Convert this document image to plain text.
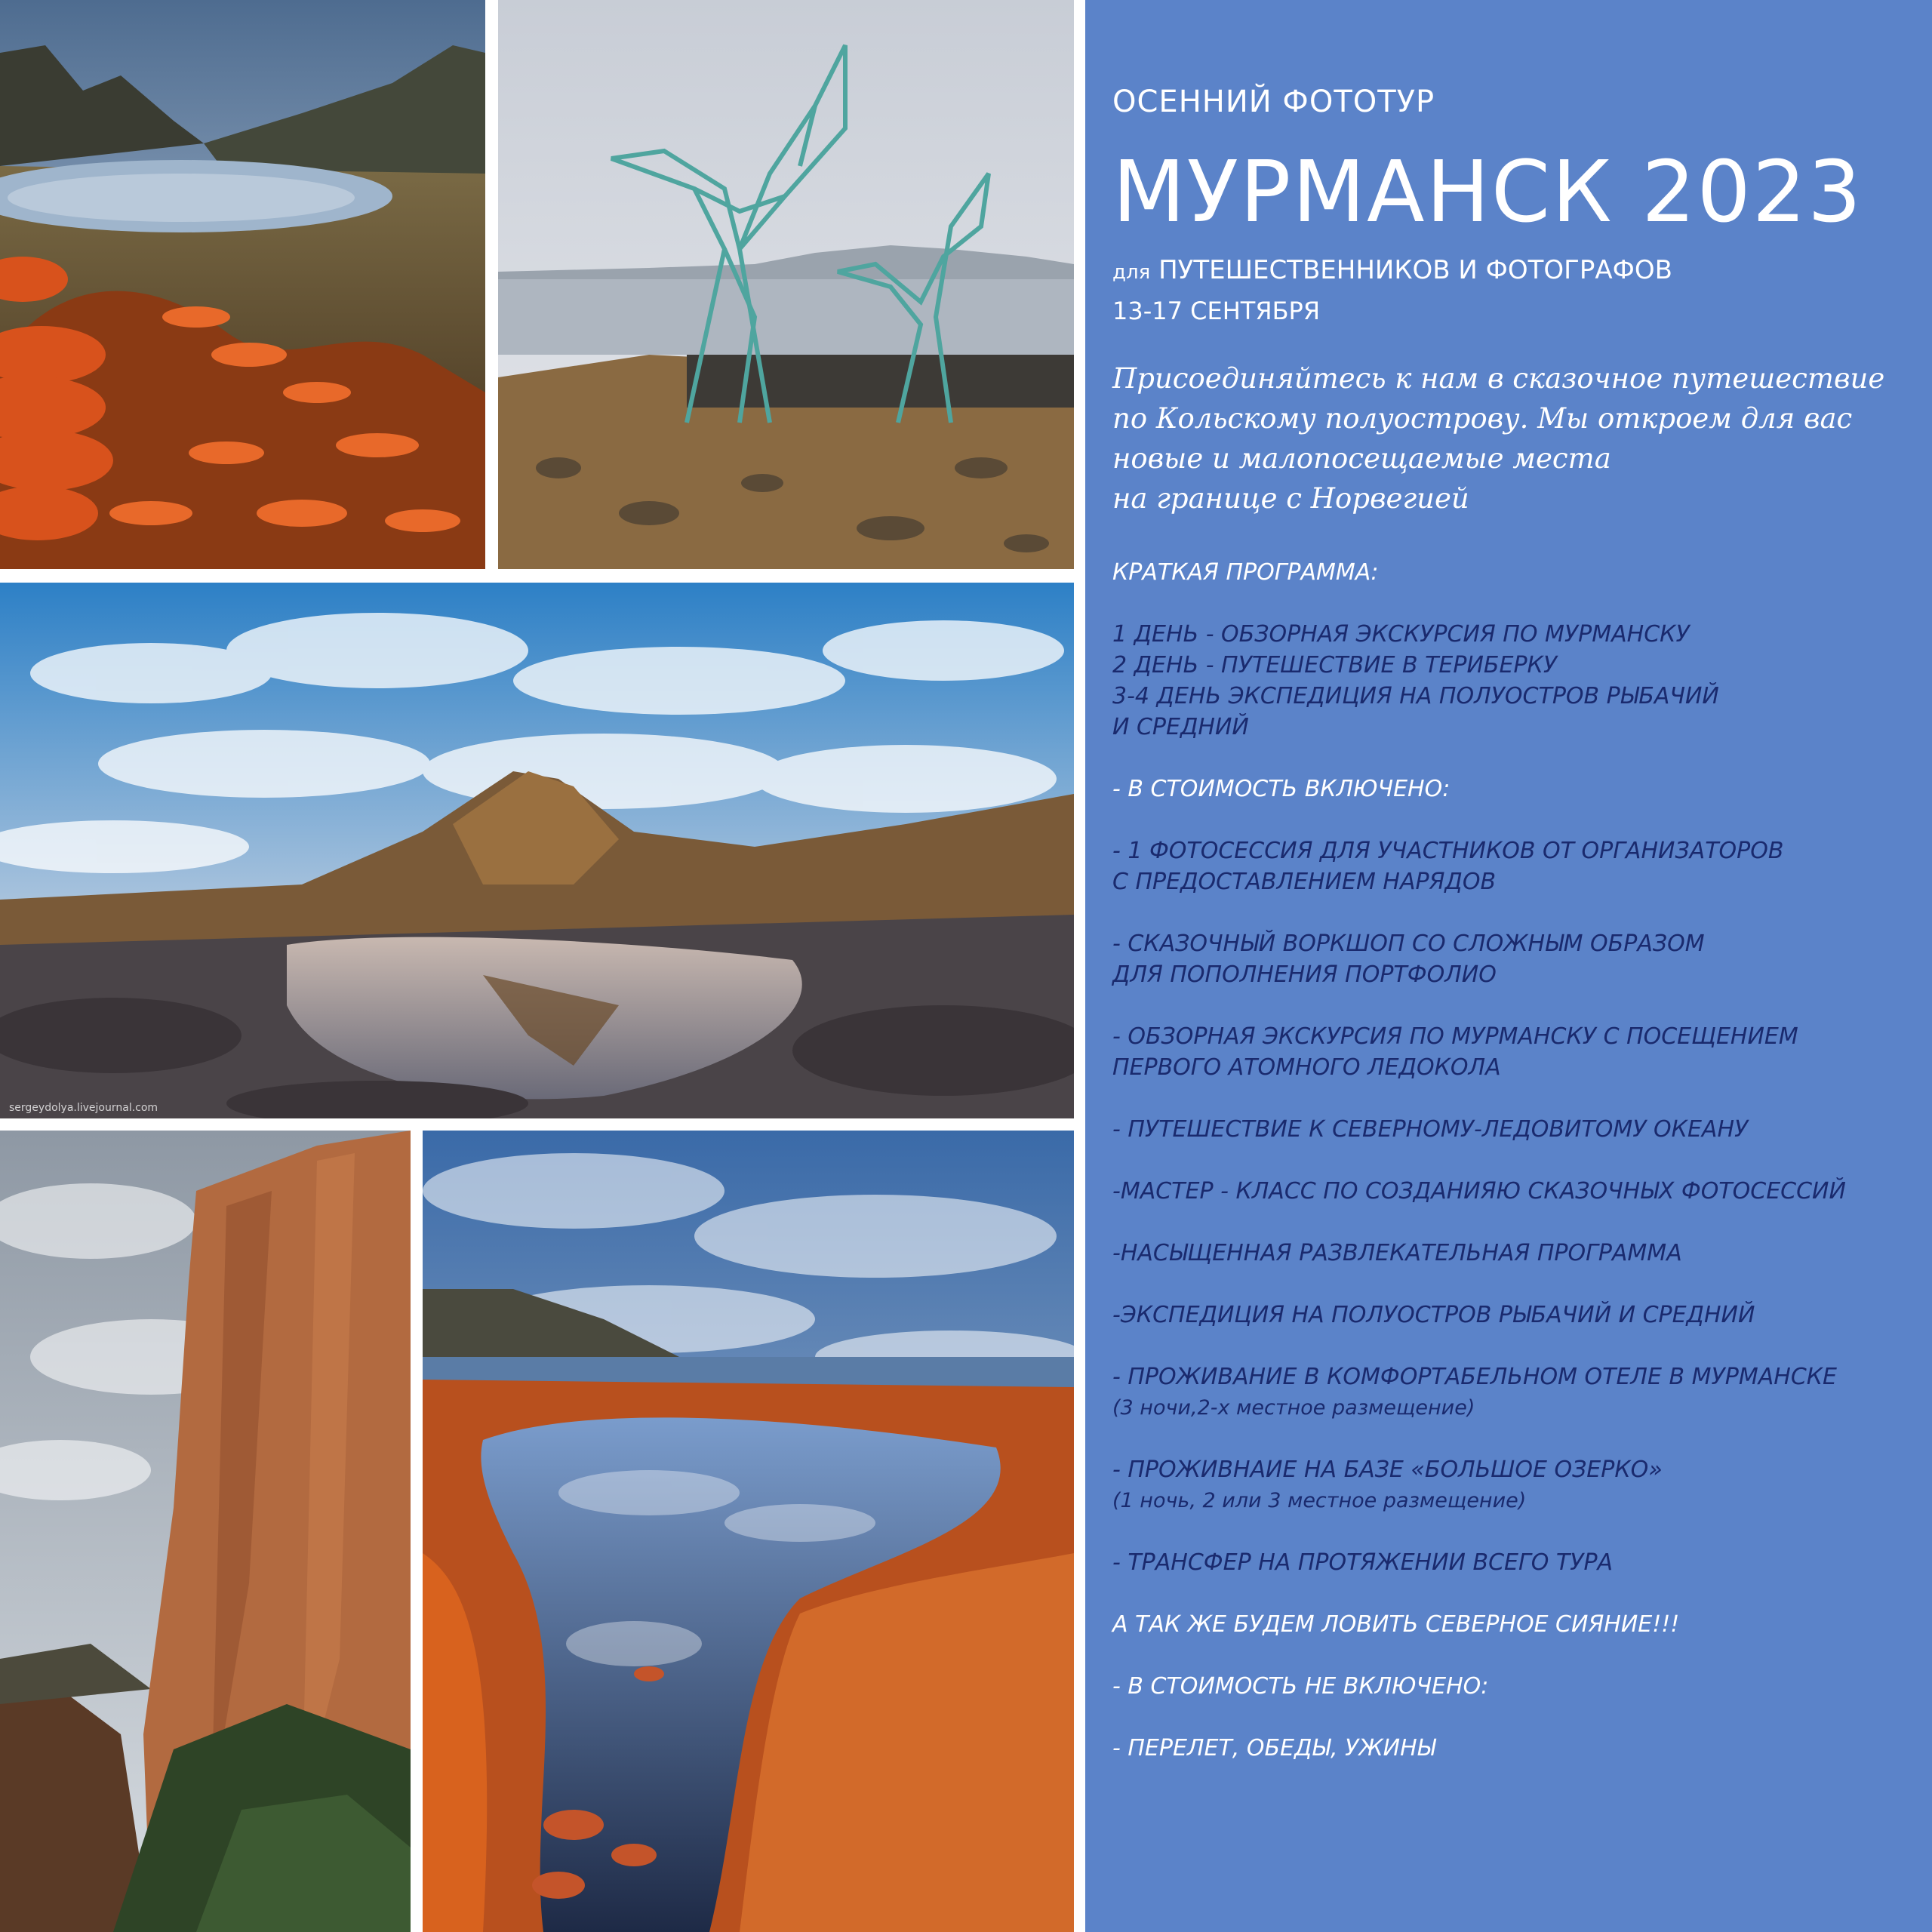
sergeydolya.livejournal.com

ОСЕННИЙ ФОТОТУР

МУРМАНСК 2023

для ПУТЕШЕСТВЕННИКОВ И ФОТОГРАФОВ

13-17 СЕНТЯБРЯ

Присоединяйтесь к нам в сказочное путешествие
по Кольскому полуострову. Мы откроем для вас
новые и малопосещаемые места
на границе с Норвегией
КРАТКАЯ ПРОГРАММА:
1 ДЕНЬ - ОБЗОРНАЯ ЭКСКУРСИЯ ПО МУРМАНСКУ
2 ДЕНЬ - ПУТЕШЕСТВИЕ В ТЕРИБЕРКУ
3-4 ДЕНЬ ЭКСПЕДИЦИЯ НА ПОЛУОСТРОВ РЫБАЧИЙ
И СРЕДНИЙ
- В СТОИМОСТЬ ВКЛЮЧЕНО:
- 1 ФОТОСЕССИЯ ДЛЯ УЧАСТНИКОВ ОТ ОРГАНИЗАТОРОВ
С ПРЕДОСТАВЛЕНИЕМ НАРЯДОВ
- СКАЗОЧНЫЙ ВОРКШОП СО СЛОЖНЫМ ОБРАЗОМ
ДЛЯ ПОПОЛНЕНИЯ ПОРТФОЛИО
- ОБЗОРНАЯ ЭКСКУРСИЯ ПО МУРМАНСКУ С ПОСЕЩЕНИЕМ
ПЕРВОГО АТОМНОГО ЛЕДОКОЛА
- ПУТЕШЕСТВИЕ К СЕВЕРНОМУ-ЛЕДОВИТОМУ ОКЕАНУ
-МАСТЕР - КЛАСС ПО СОЗДАНИЯЮ СКАЗОЧНЫХ ФОТОСЕССИЙ
-НАСЫЩЕННАЯ РАЗВЛЕКАТЕЛЬНАЯ ПРОГРАММА
-ЭКСПЕДИЦИЯ НА ПОЛУОСТРОВ РЫБАЧИЙ И СРЕДНИЙ
- ПРОЖИВАНИЕ В КОМФОРТАБЕЛЬНОМ ОТЕЛЕ В МУРМАНСКЕ
(3 ночи,2-х местное размещение)
- ПРОЖИВНАИЕ НА БАЗЕ «БОЛЬШОЕ ОЗЕРКО»
(1 ночь, 2 или 3 местное размещение)
- ТРАНСФЕР НА ПРОТЯЖЕНИИ ВСЕГО ТУРА
А ТАК ЖЕ БУДЕМ ЛОВИТЬ СЕВЕРНОЕ СИЯНИЕ!!!
- В СТОИМОСТЬ НЕ ВКЛЮЧЕНО:
- ПЕРЕЛЕТ, ОБЕДЫ, УЖИНЫ
